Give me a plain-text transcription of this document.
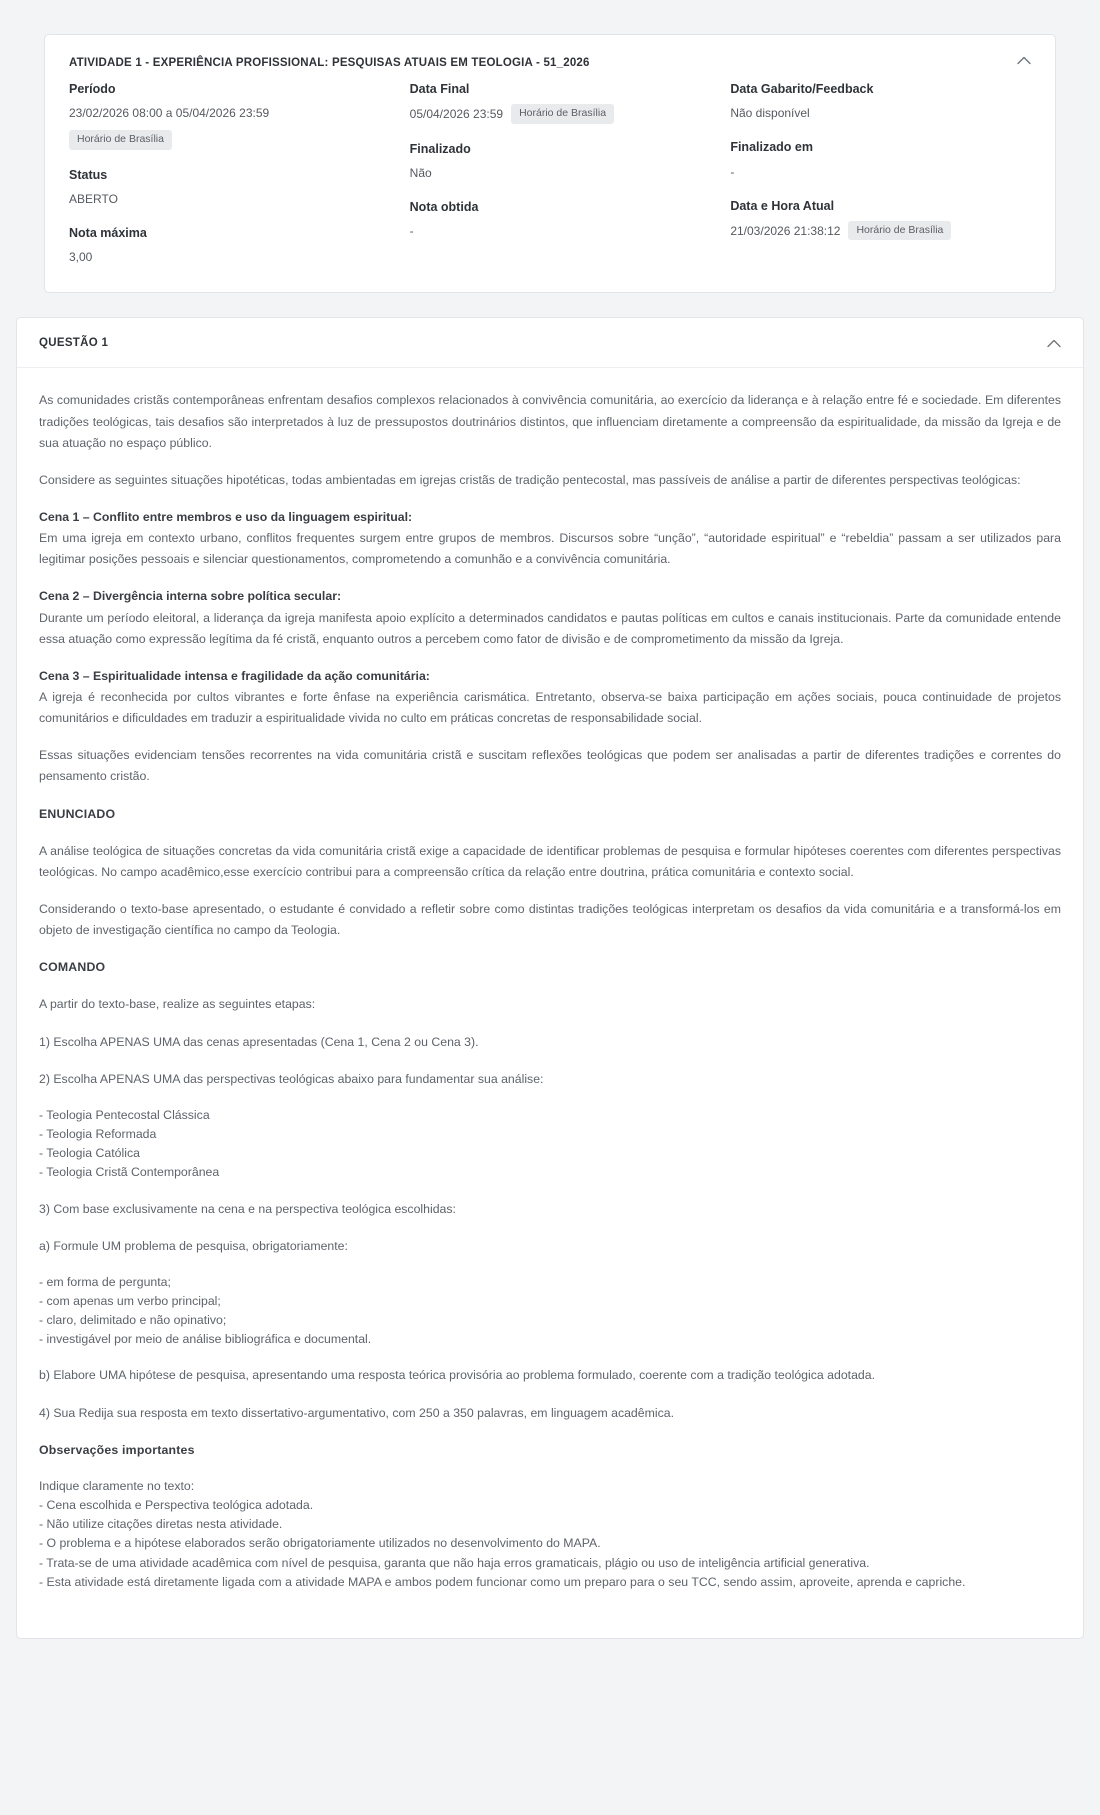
ATIVIDADE 1 - EXPERIÊNCIA PROFISSIONAL: PESQUISAS ATUAIS EM TEOLOGIA - 51_2026
Período
23/02/2026 08:00 a 05/04/2026 23:59
Horário de Brasília
Status
ABERTO
Nota máxima
3,00
Data Final
05/04/2026 23:59	Horário de Brasília
Finalizado
Não
Nota obtida
-
Data Gabarito/Feedback
Não disponível
Finalizado em
-
Data e Hora Atual
21/03/2026 21:38:12	Horário de Brasília
QUESTÃO 1

As comunidades cristãs contemporâneas enfrentam desafios complexos relacionados à convivência comunitária, ao exercício da liderança e à relação entre fé e sociedade. Em diferentes tradições teológicas, tais desafios são interpretados à luz de pressupostos doutrinários distintos, que influenciam diretamente a compreensão da espiritualidade, da missão da Igreja e de sua atuação no espaço público.

Considere as seguintes situações hipotéticas, todas ambientadas em igrejas cristãs de tradição pentecostal, mas passíveis de análise a partir de diferentes perspectivas teológicas:

Cena 1 – Conflito entre membros e uso da linguagem espiritual:

Em uma igreja em contexto urbano, conflitos frequentes surgem entre grupos de membros. Discursos sobre “unção”, “autoridade espiritual” e “rebeldia” passam a ser utilizados para legitimar posições pessoais e silenciar questionamentos, comprometendo a comunhão e a convivência comunitária.

Cena 2 – Divergência interna sobre política secular:

Durante um período eleitoral, a liderança da igreja manifesta apoio explícito a determinados candidatos e pautas políticas em cultos e canais institucionais. Parte da comunidade entende essa atuação como expressão legítima da fé cristã, enquanto outros a percebem como fator de divisão e de comprometimento da missão da Igreja.

Cena 3 – Espiritualidade intensa e fragilidade da ação comunitária:

A igreja é reconhecida por cultos vibrantes e forte ênfase na experiência carismática. Entretanto, observa-se baixa participação em ações sociais, pouca continuidade de projetos comunitários e dificuldades em traduzir a espiritualidade vivida no culto em práticas concretas de responsabilidade social.

Essas situações evidenciam tensões recorrentes na vida comunitária cristã e suscitam reflexões teológicas que podem ser analisadas a partir de diferentes tradições e correntes do pensamento cristão.

ENUNCIADO

A análise teológica de situações concretas da vida comunitária cristã exige a capacidade de identificar problemas de pesquisa e formular hipóteses coerentes com diferentes perspectivas teológicas. No campo acadêmico,esse exercício contribui para a compreensão crítica da relação entre doutrina, prática comunitária e contexto social.

Considerando o texto-base apresentado, o estudante é convidado a refletir sobre como distintas tradições teológicas interpretam os desafios da vida comunitária e a transformá-los em objeto de investigação científica no campo da Teologia.

COMANDO

A partir do texto-base, realize as seguintes etapas:

1) Escolha APENAS UMA das cenas apresentadas (Cena 1, Cena 2 ou Cena 3).

2) Escolha APENAS UMA das perspectivas teológicas abaixo para fundamentar sua análise:

- Teologia Pentecostal Clássica
- Teologia Reformada
- Teologia Católica
- Teologia Cristã Contemporânea

3) Com base exclusivamente na cena e na perspectiva teológica escolhidas:

a) Formule UM problema de pesquisa, obrigatoriamente:

- em forma de pergunta;
- com apenas um verbo principal;
- claro, delimitado e não opinativo;
- investigável por meio de análise bibliográfica e documental.

b) Elabore UMA hipótese de pesquisa, apresentando uma resposta teórica provisória ao problema formulado, coerente com a tradição teológica adotada.

4) Sua Redija sua resposta em texto dissertativo-argumentativo, com 250 a 350 palavras, em linguagem acadêmica.

Observações importantes

Indique claramente no texto:
- Cena escolhida e Perspectiva teológica adotada.
- Não utilize citações diretas nesta atividade.
- O problema e a hipótese elaborados serão obrigatoriamente utilizados no desenvolvimento do MAPA.
- Trata-se de uma atividade acadêmica com nível de pesquisa, garanta que não haja erros gramaticais, plágio ou uso de inteligência artificial generativa.
- Esta atividade está diretamente ligada com a atividade MAPA e ambos podem funcionar como um preparo para o seu TCC, sendo assim, aproveite, aprenda e capriche.
